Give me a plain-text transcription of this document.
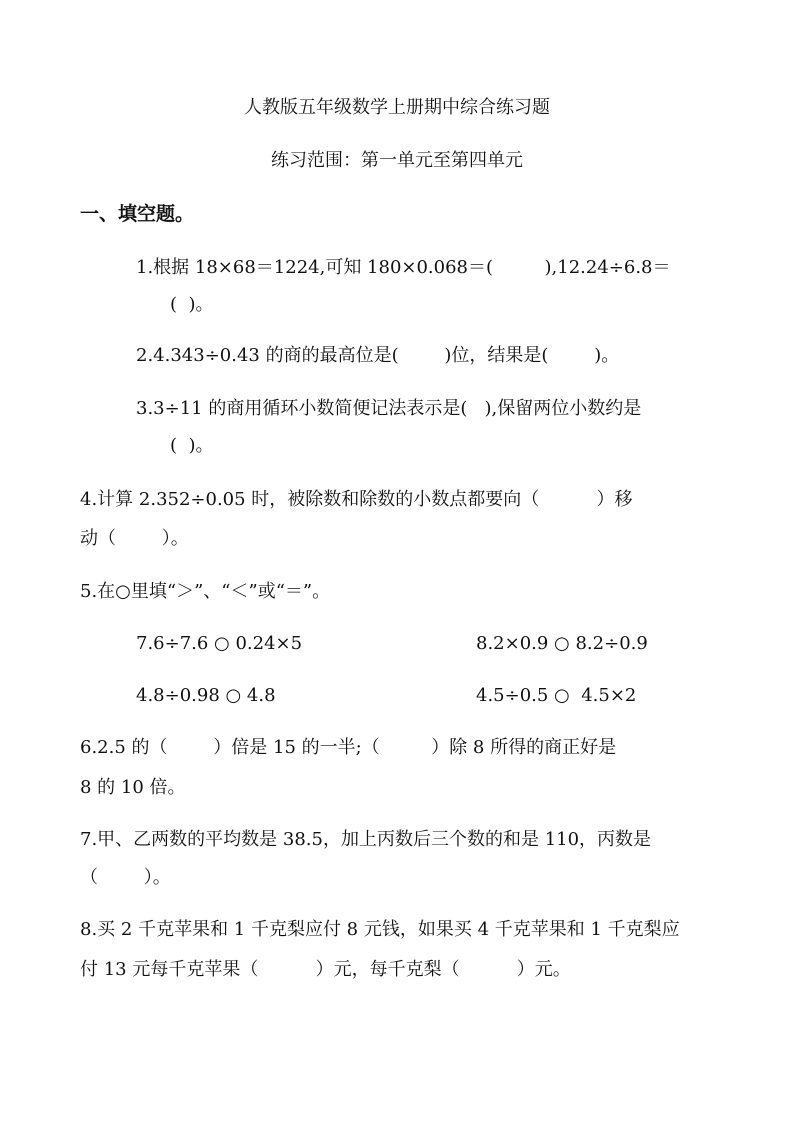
人教版五年级数学上册期中综合练习题
练习范围：第一单元至第四单元
一、填空题。
1.根据 18×68＝1224,可知 180×0.068＝(         ),12.24÷6.8＝
(  )。
2.4.343÷0.43 的商的最高位是(        )位，结果是(        )。
3.3÷11 的商用循环小数简便记法表示是(   ),保留两位小数约是
(  )。
4.计算 2.352÷0.05 时，被除数和除数的小数点都要向（          ）移
动（        ）。
5.在○里填“＞”、“＜”或“＝”。
7.6÷7.6 ○ 0.24×5	8.2×0.9 ○ 8.2÷0.9
4.8÷0.98 ○ 4.8	4.5÷0.5 ○  4.5×2
6.2.5 的（        ）倍是 15 的一半;（         ）除 8 所得的商正好是
8 的 10 倍。
7.甲、乙两数的平均数是 38.5，加上丙数后三个数的和是 110，丙数是
（        ）。
8.买 2 千克苹果和 1 千克梨应付 8 元钱，如果买 4 千克苹果和 1 千克梨应
付 13 元每千克苹果（          ）元，每千克梨（          ）元。
